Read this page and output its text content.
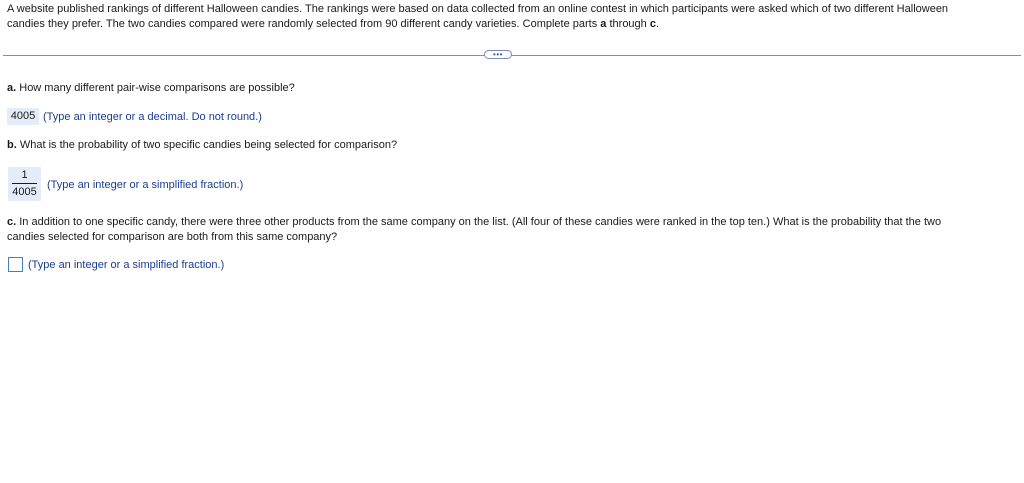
A website published rankings of different Halloween candies. The rankings were based on data collected from an online contest in which participants were asked which of two different Halloween
candies they prefer. The two candies compared were randomly selected from 90 different candy varieties. Complete parts a through c.
•••
a. How many different pair-wise comparisons are possible?
4005 (Type an integer or a decimal. Do not round.)
b. What is the probability of two specific candies being selected for comparison?
1
4005
(Type an integer or a simplified fraction.)
c. In addition to one specific candy, there were three other products from the same company on the list. (All four of these candies were ranked in the top ten.) What is the probability that the two
candies selected for comparison are both from this same company?
(Type an integer or a simplified fraction.)
